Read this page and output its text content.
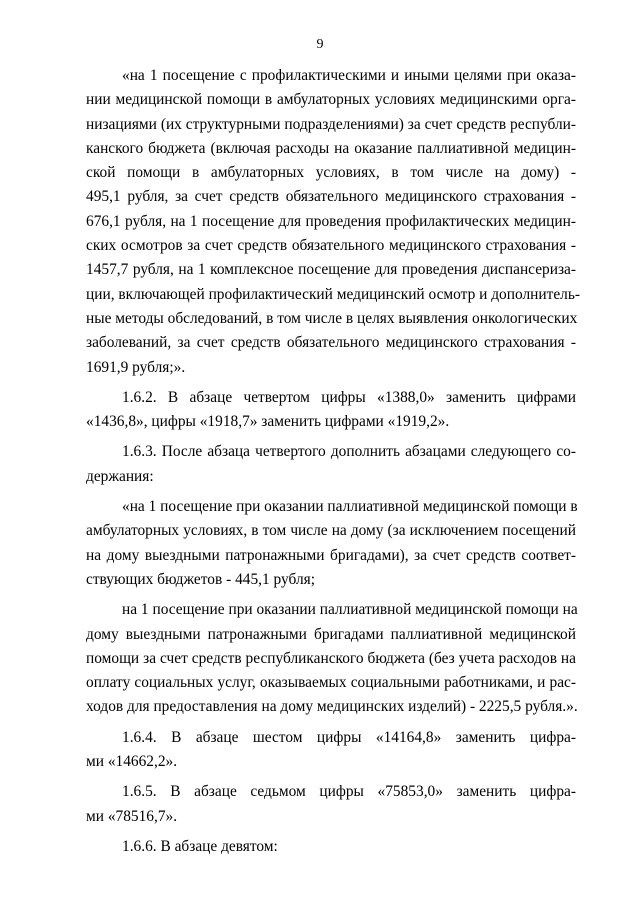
9
«на 1 посещение с профилактическими и иными целями при оказа-
нии медицинской помощи в амбулаторных условиях медицинскими орга-
низациями (их структурными подразделениями) за счет средств республи-
канского бюджета (включая расходы на оказание паллиативной медицин-
ской помощи в амбулаторных условиях, в том числе на дому) -
495,1 рубля, за счет средств обязательного медицинского страхования -
676,1 рубля, на 1 посещение для проведения профилактических медицин-
ских осмотров за счет средств обязательного медицинского страхования -
1457,7 рубля, на 1 комплексное посещение для проведения диспансеризa-
ции, включающей профилактический медицинский осмотр и дополнитель-
ные методы обследований, в том числе в целях выявления онкологических
заболеваний, за счет средств обязательного медицинского страхования -
1691,9 рубля;».
1.6.2. В абзаце четвертом цифры «1388,0» заменить цифрами
«1436,8», цифры «1918,7» заменить цифрами «1919,2».
1.6.3. После абзаца четвертого дополнить абзацами следующего со-
держания:
«на 1 посещение при оказании паллиативной медицинской помощи в
амбулаторных условиях, в том числе на дому (за исключением посещений
на дому выездными патронажными бригадами), за счет средств соответ-
ствующих бюджетов - 445,1 рубля;
на 1 посещение при оказании паллиативной медицинской помощи на
дому выездными патронажными бригадами паллиативной медицинской
помощи за счет средств республиканского бюджета (без учета расходов на
оплату социальных услуг, оказываемых социальными работниками, и рас-
ходов для предоставления на дому медицинских изделий) - 2225,5 рубля.».
1.6.4. В абзаце шестом цифры «14164,8» заменить цифра-
ми «14662,2».
1.6.5. В абзаце седьмом цифры «75853,0» заменить цифра-
ми «78516,7».
1.6.6. В абзаце девятом:
